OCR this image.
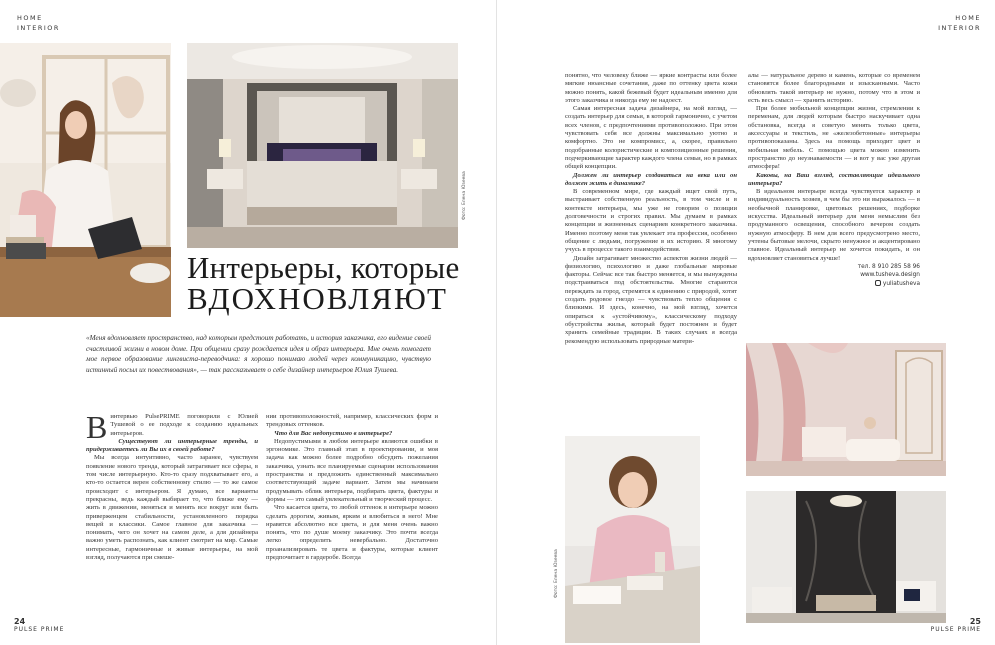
HOME
INTERIOR
Фото: Елена Юзеева
Интерьеры, которые
ВДОХНОВЛЯЮТ

«Меня вдохновляет пространство, над которым предстоит работать, и история заказчика, его видение своей счастливой жизни в новом доме. При общении сразу рождается идея и образ интерьера. Мне очень помогает мое первое образование лингвиста-переводчика: я хорошо понимаю людей через коммуникацию, чувствую истинный посыл их повествования», — так рассказывает о себе дизайнер интерьеров Юлия Тушева.

Винтервью PulsePRIME поговорили с Юлией Тушевой о ее подходе к созданию идеальных интерьеров.

Существуют ли интерьерные тренды, и придерживаетесь ли Вы их в своей работе?

Мы всегда интуитивно, часто заранее, чувствуем появление нового тренда, который затрагивает все сферы, в том числе интерьерную. Кто-то сразу подхватывает его, а кто-то остается верен собственному стилю — то же самое происходит с интерьером. Я думаю, все варианты прекрасны, ведь каждый выбирает то, что ближе ему — жить в движении, меняться и менять все вокруг или быть приверженцем стабильности, установленного порядка вещей и классики. Самое главное для заказчика — понимать, чего он хочет на самом деле, а для дизайнера важно уметь распознать, как клиент смотрит на мир. Самые интересные, гармоничные и живые интерьеры, на мой взгляд, получаются при смеше-

нии противоположностей, например, классических форм и трендовых оттенков.

Что для Вас недопустимо в интерьере?

Недопустимыми в любом интерьере являются ошибки в эргономике. Это главный этап в проектировании, и моя задача как можно более подробно обсудить пожелания заказчика, узнать все планируемые сценарии использования пространства и предложить единственный максимально соответствующий задаче вариант. Затем мы начинаем продумывать облик интерьера, подбирать цвета, фактуры и формы — это самый увлекательный и творческий процесс.

Что касается цвета, то любой оттенок в интерьере можно сделать дорогим, живым, ярким и влюбиться в него! Мне нравятся абсолютно все цвета, и для меня очень важно понять, что по душе моему заказчику. Это почти всегда легко определить невербально. Достаточно проанализировать те цвета и фактуры, которые клиент предпочитает в гардеробе. Всегда

24
PULSE PRIME
HOME
INTERIOR

понятно, что человеку ближе — яркие контрасты или более мягкие нюансные сочетания, даже по оттенку цвета кожи можно понять, какой бежевый будет идеальным именно для этого заказчика и никогда ему не надоест.

Самая интересная задача дизайнера, на мой взгляд, — создать интерьер для семьи, в которой гармонично, с учетом всех членов, с предпочтениями противоположно. При этом чувствовать себя все должны максимально уютно и комфортно. Это не компромисс, а, скорее, правильно подобранные колористические и композиционные решения, подчеркивающие характер каждого члена семьи, но в рамках общей концепции.

Должен ли интерьер создаваться на века или он должен жить в динамике?

В современном мире, где каждый ищет свой путь, выстраивает собственную реальность, в том числе и в контексте интерьера, мы уже не говорим о позиции долговечности и строгих правил. Мы думаем в рамках концепции и жизненных сценариев конкретного заказчика. Именно поэтому меня так увлекает эта профессия, особенно общение с людьми, погружение в их историю. Я многому учусь в процессе такого взаимодействия.

Дизайн затрагивает множество аспектов жизни людей — физиологию, психологию и даже глобальные мировые факторы. Сейчас все так быстро меняется, и мы вынуждены подстраиваться под обстоятельства. Многие стараются переждать за город, стремятся к единению с природой, хотят создать родовое гнездо — чувствовать тепло общения с близкими. И здесь, конечно, на мой взгляд, хочется опираться к «устойчивому», классическому подходу обустройства жилья, который будет постоянен и будет хранить семейные традиции. В таких случаях я всегда рекомендую использовать природные матери-

алы — натуральное дерево и камень, которые со временем становятся более благородными и изысканными. Часто обновлять такой интерьер не нужно, потому что в этом и есть весь смысл — хранить историю.

При более мобильной концепции жизни, стремлении к переменам, для людей которым быстро наскучивает одна обстановка, всегда я советую менять только цвета, аксессуары и текстиль, не «железобетонные» интерьеры противопоказаны. Здесь на помощь приходит цвет и мобильная мебель. С помощью цвета можно изменить пространство до неузнаваемости — и вот у вас уже другая атмосфера!

Каковы, на Ваш взгляд, составляющие идеального интерьера?

В идеальном интерьере всегда чувствуется характер и индивидуальность хозяев, в чем бы это ни выражалось — в необычной планировке, цветовых решениях, подборке искусства. Идеальный интерьер для меня немыслим без продуманного освещения, способного вечером создать нужную атмосферу. В нем для всего предусмотрено место, учтены бытовые мелочи, скрыто ненужное и акцентировано главное. Идеальный интерьер не хочется покидать, и он вдохновляет становиться лучше!

тел. 8 910 285 58 96
www.tusheva.design
yuliatusheva
Фото: Елена Юзеева
25
PULSE PRIME
